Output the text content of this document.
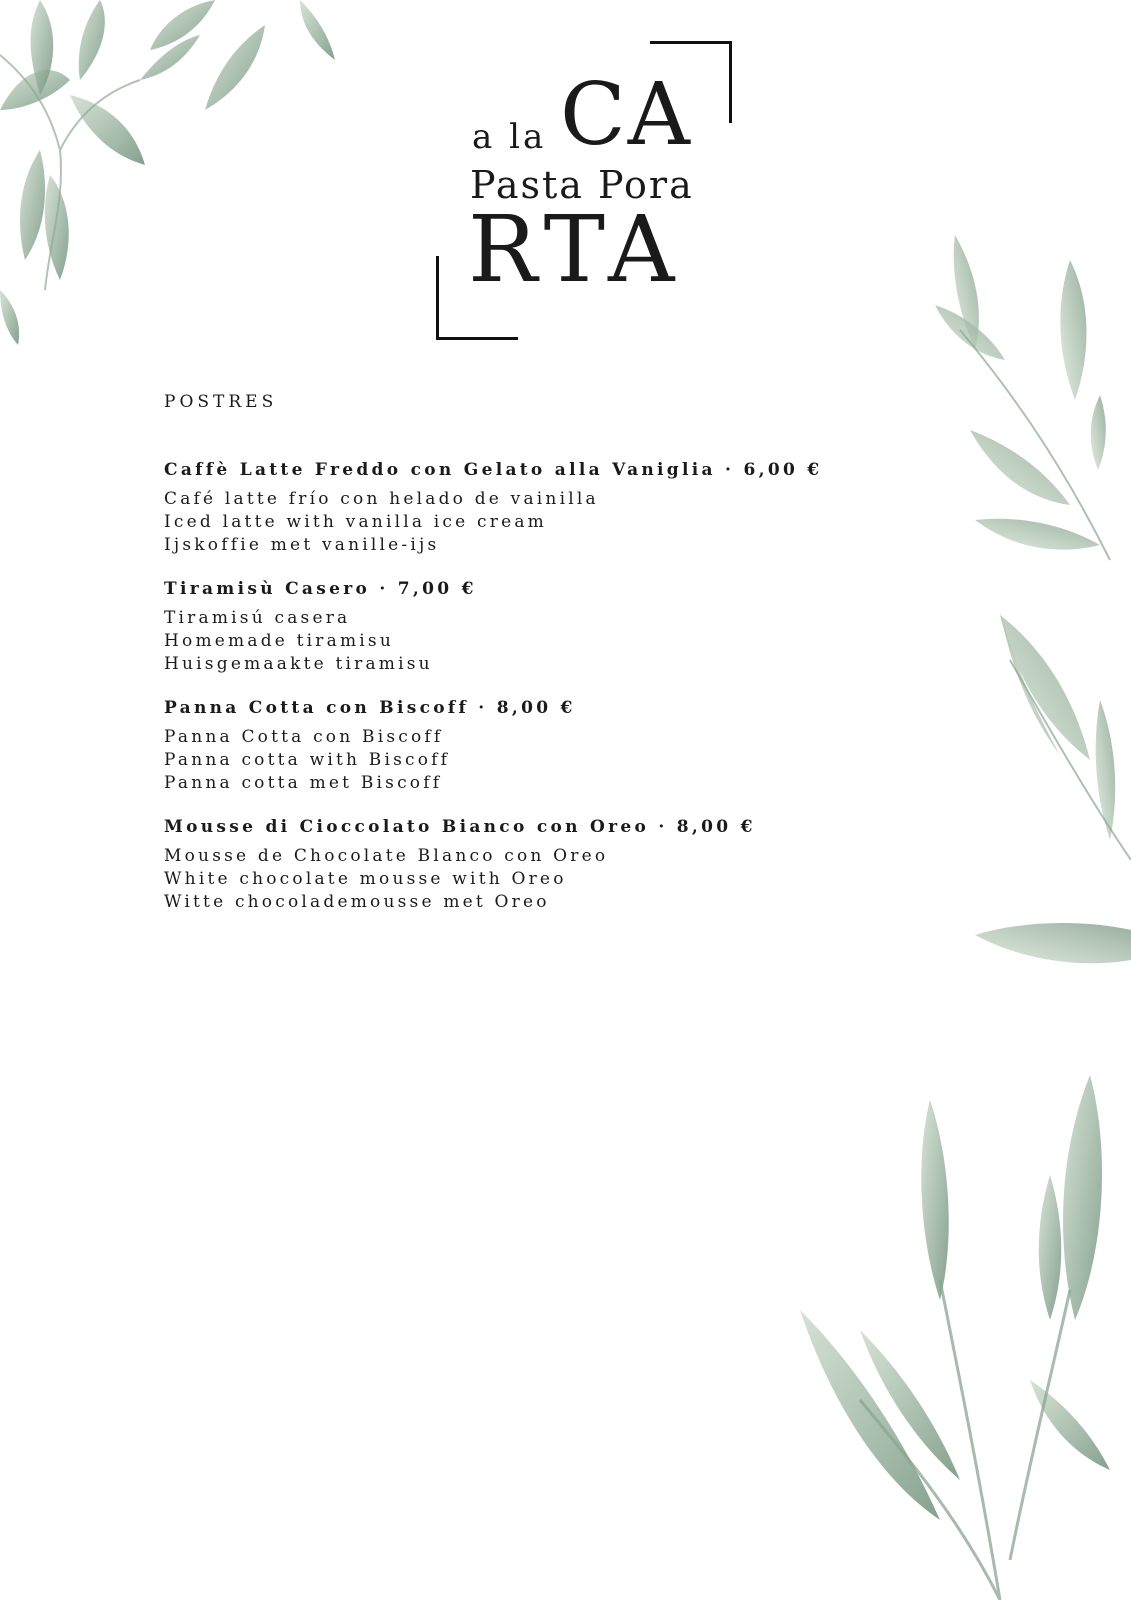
a la CA
Pasta Pora
RTA
POSTRES
Caffè Latte Freddo con Gelato alla Vaniglia · 6,00 €
Café latte frío con helado de vainilla
Iced latte with vanilla ice cream
Ijskoffie met vanille-ijs
Tiramisù Casero · 7,00 €
Tiramisú casera
Homemade tiramisu
Huisgemaakte tiramisu
Panna Cotta con Biscoff · 8,00 €
Panna Cotta con Biscoff
Panna cotta with Biscoff
Panna cotta met Biscoff
Mousse di Cioccolato Bianco con Oreo · 8,00 €
Mousse de Chocolate Blanco con Oreo
White chocolate mousse with Oreo
Witte chocolademousse met Oreo
